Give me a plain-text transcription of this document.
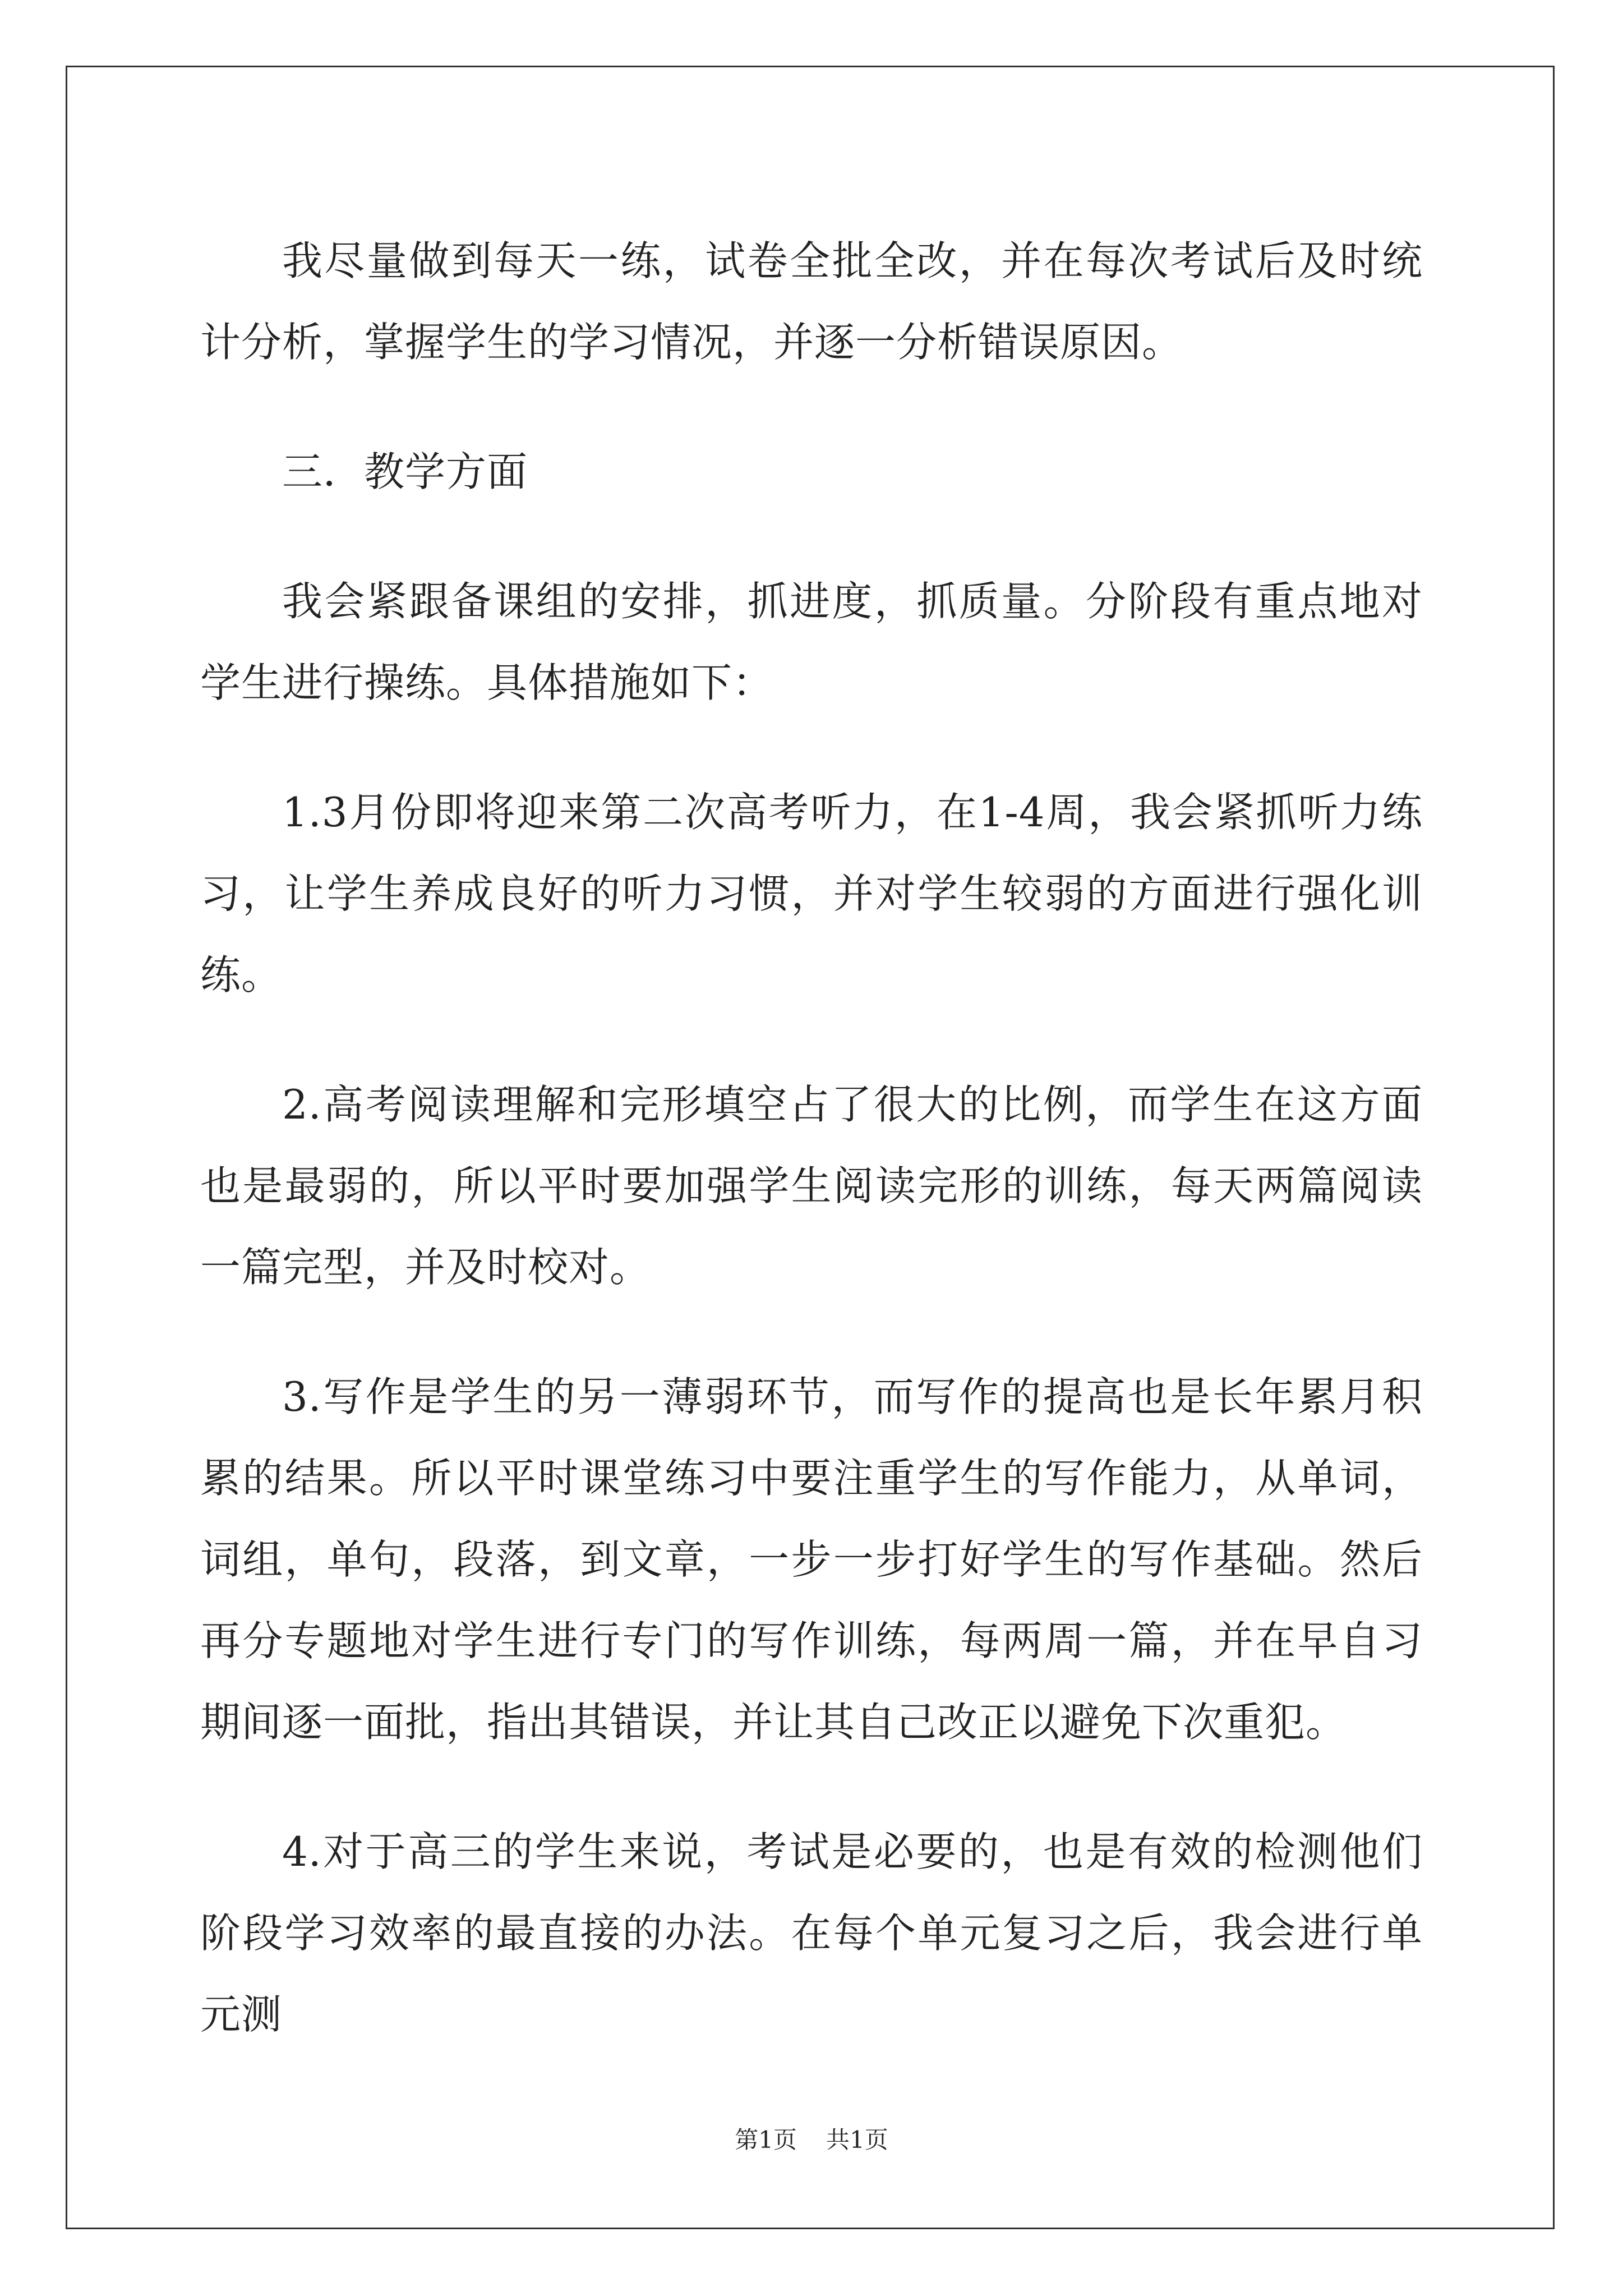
我尽量做到每天一练，试卷全批全改，并在每次考试后及时统计分析，掌握学生的学习情况，并逐一分析错误原因。

三．教学方面

我会紧跟备课组的安排，抓进度，抓质量。分阶段有重点地对学生进行操练。具体措施如下：

1.3月份即将迎来第二次高考听力，在1-4周，我会紧抓听力练习，让学生养成良好的听力习惯，并对学生较弱的方面进行强化训练。

2.高考阅读理解和完形填空占了很大的比例，而学生在这方面也是最弱的，所以平时要加强学生阅读完形的训练，每天两篇阅读一篇完型，并及时校对。

3.写作是学生的另一薄弱环节，而写作的提高也是长年累月积累的结果。所以平时课堂练习中要注重学生的写作能力，从单词，词组，单句，段落，到文章，一步一步打好学生的写作基础。然后再分专题地对学生进行专门的写作训练，每两周一篇，并在早自习期间逐一面批，指出其错误，并让其自己改正以避免下次重犯。

4.对于高三的学生来说，考试是必要的，也是有效的检测他们阶段学习效率的最直接的办法。在每个单元复习之后，我会进行单元测

第1页 共1页
